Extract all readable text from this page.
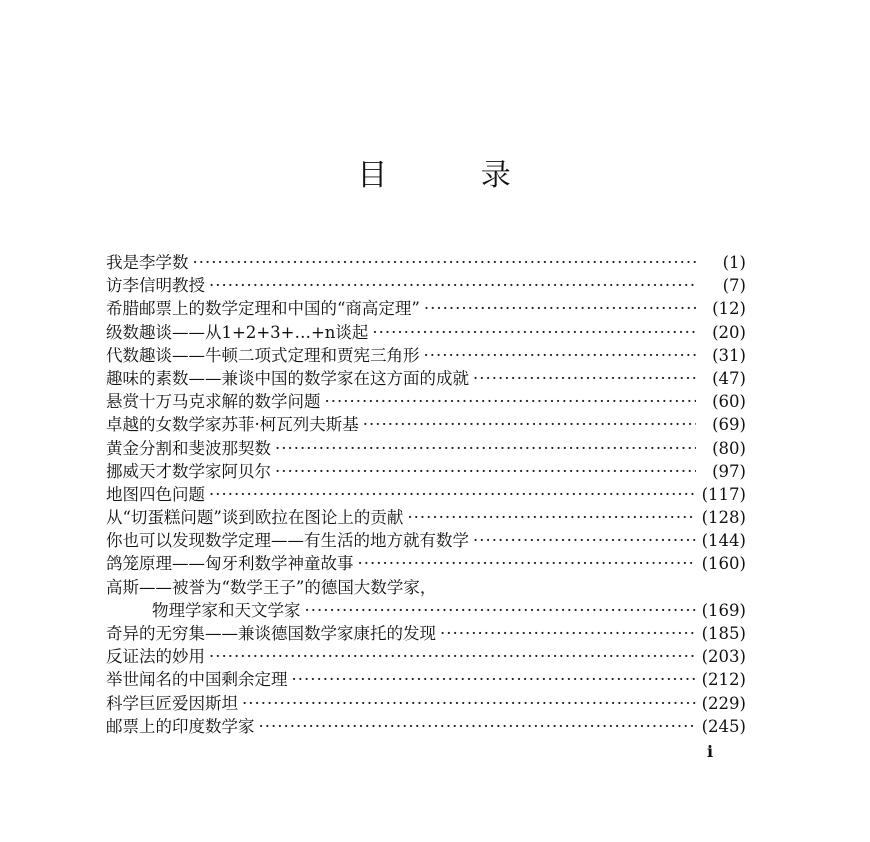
目	录
我是李学数 ·····	(1)
访李信明教授 ·····	(7)
希腊邮票上的数学定理和中国的“商高定理” ·····	(12)
级数趣谈——从1+2+3+…+n谈起 ·····	(20)
代数趣谈——牛顿二项式定理和贾宪三角形 ·····	(31)
趣味的素数——兼谈中国的数学家在这方面的成就 ·····	(47)
悬赏十万马克求解的数学问题 ·····	(60)
卓越的女数学家苏菲·柯瓦列夫斯基 ·····	(69)
黄金分割和斐波那契数 ·····	(80)
挪威天才数学家阿贝尔 ·····	(97)
地图四色问题 ·····	(117)
从“切蛋糕问题”谈到欧拉在图论上的贡献 ·····	(128)
你也可以发现数学定理——有生活的地方就有数学 ·····	(144)
鸽笼原理——匈牙利数学神童故事 ·····	(160)
高斯——被誉为“数学王子”的德国大数学家，
物理学家和天文学家 ·····	(169)
奇异的无穷集——兼谈德国数学家康托的发现 ·····	(185)
反证法的妙用 ·····	(203)
举世闻名的中国剩余定理 ·····	(212)
科学巨匠爱因斯坦 ·····	(229)
邮票上的印度数学家 ·····	(245)
i
